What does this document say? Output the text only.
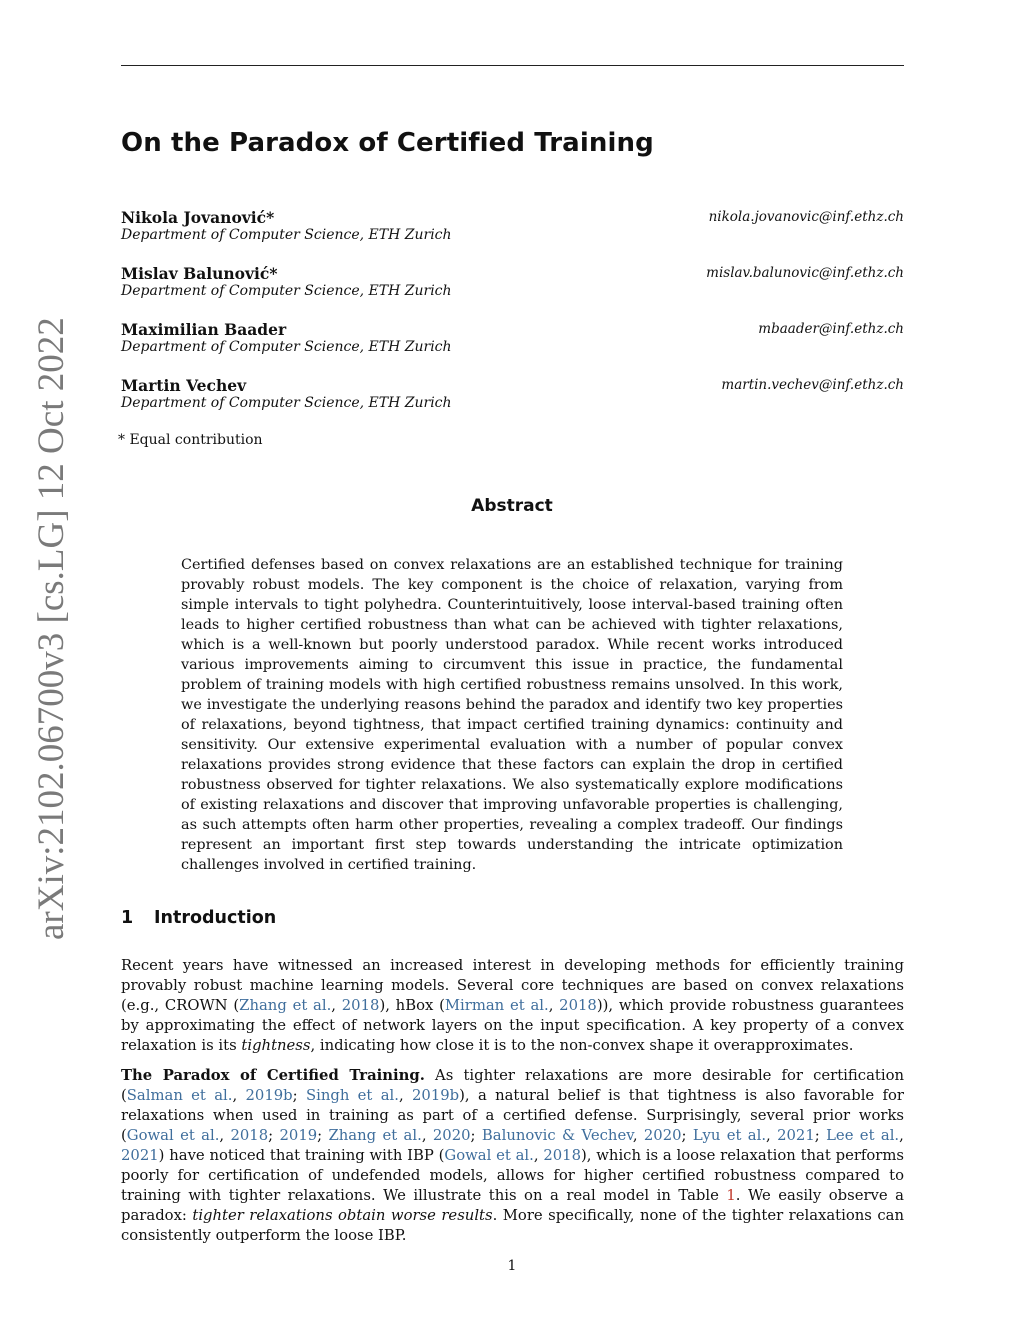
arXiv:2102.06700v3 [cs.LG] 12 Oct 2022
On the Paradox of Certified Training
Nikola Jovanović*	nikola.jovanovic@inf.ethz.ch
Department of Computer Science, ETH Zurich
Mislav Balunović*	mislav.balunovic@inf.ethz.ch
Department of Computer Science, ETH Zurich
Maximilian Baader	mbaader@inf.ethz.ch
Department of Computer Science, ETH Zurich
Martin Vechev	martin.vechev@inf.ethz.ch
Department of Computer Science, ETH Zurich
* Equal contribution
Abstract

Certified defenses based on convex relaxations are an established technique for training provably robust models. The key component is the choice of relaxation, varying from simple intervals to tight polyhedra. Counterintuitively, loose interval-based training often leads to higher certified robustness than what can be achieved with tighter relaxations, which is a well-known but poorly understood paradox. While recent works introduced various improvements aiming to circumvent this issue in practice, the fundamental problem of training models with high certified robustness remains unsolved. In this work, we investigate the underlying reasons behind the paradox and identify two key properties of relaxations, beyond tightness, that impact certified training dynamics: continuity and sensitivity. Our extensive experimental evaluation with a number of popular convex relaxations provides strong evidence that these factors can explain the drop in certified robustness observed for tighter relaxations. We also systematically explore modifications of existing relaxations and discover that improving unfavorable properties is challenging, as such attempts often harm other properties, revealing a complex tradeoff. Our findings represent an important first step towards understanding the intricate optimization challenges involved in certified training.

1 Introduction

Recent years have witnessed an increased interest in developing methods for efficiently training provably robust machine learning models. Several core techniques are based on convex relaxations (e.g., CROWN (Zhang et al., 2018), hBox (Mirman et al., 2018)), which provide robustness guarantees by approximating the effect of network layers on the input specification. A key property of a convex relaxation is its tightness, indicating how close it is to the non-convex shape it overapproximates.

The Paradox of Certified Training. As tighter relaxations are more desirable for certification (Salman et al., 2019b; Singh et al., 2019b), a natural belief is that tightness is also favorable for relaxations when used in training as part of a certified defense. Surprisingly, several prior works (Gowal et al., 2018; 2019; Zhang et al., 2020; Balunovic & Vechev, 2020; Lyu et al., 2021; Lee et al., 2021) have noticed that training with IBP (Gowal et al., 2018), which is a loose relaxation that performs poorly for certification of undefended models, allows for higher certified robustness compared to training with tighter relaxations. We illustrate this on a real model in Table 1. We easily observe a paradox: tighter relaxations obtain worse results. More specifically, none of the tighter relaxations can consistently outperform the loose IBP.

1
